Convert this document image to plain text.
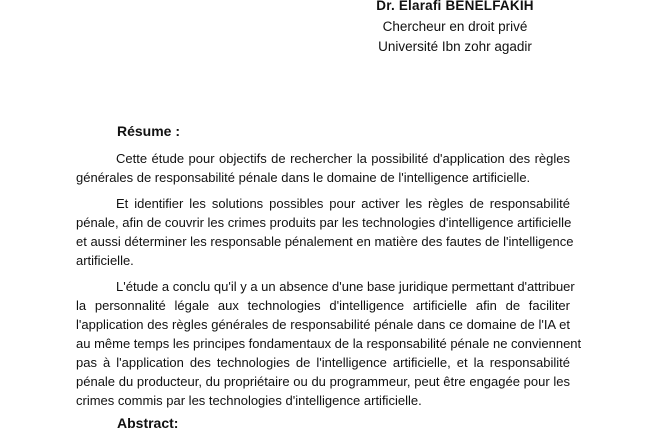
Dr. Elarafi BENELFAKIH
Chercheur en droit privé
Université Ibn zohr agadir
Résume :
Cette étude pour objectifs de rechercher la possibilité d'application des règles
générales de responsabilité pénale dans le domaine de l'intelligence artificielle.
Et identifier les solutions possibles pour activer les règles de responsabilité
pénale, afin de couvrir les crimes produits par les technologies d'intelligence artificielle
et aussi déterminer les responsable pénalement en matière des fautes de l'intelligence
artificielle.
L'étude a conclu qu'il y a un absence d'une base juridique permettant d'attribuer
la personnalité légale aux technologies d'intelligence artificielle afin de faciliter
l'application des règles générales de responsabilité pénale dans ce domaine de l'IA et
au même temps les principes fondamentaux de la responsabilité pénale ne conviennent
pas à l'application des technologies de l'intelligence artificielle, et la responsabilité
pénale du producteur, du propriétaire ou du programmeur, peut être engagée pour les
crimes commis par les technologies d'intelligence artificielle.
Abstract:
